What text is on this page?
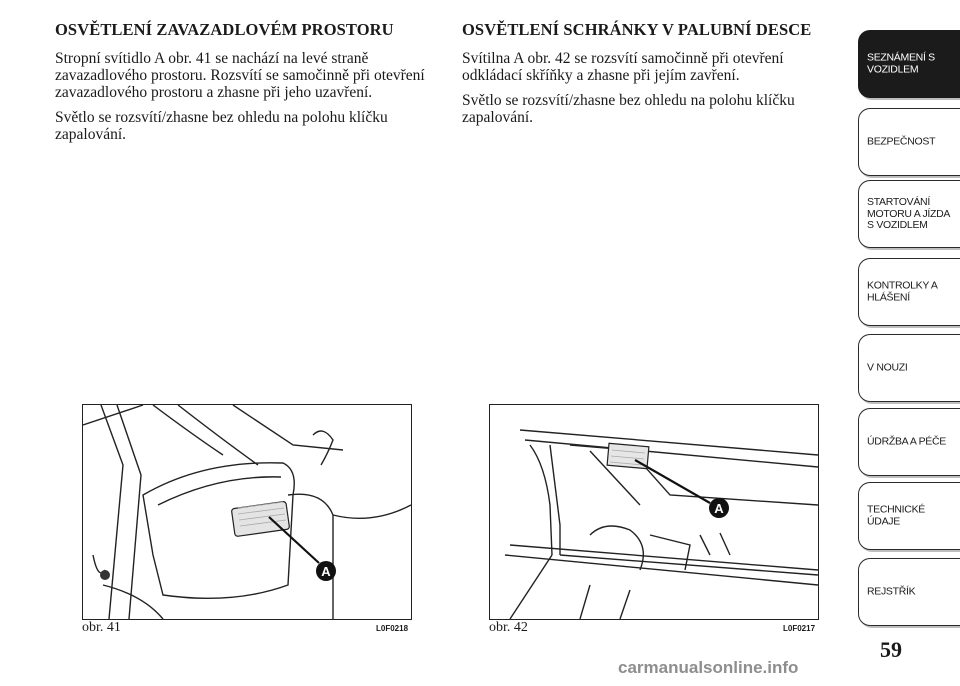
OSVĚTLENÍ ZAVAZADLOVÉM PROSTORU

Stropní svítidlo A obr. 41 se nachází na levé straně zavazadlového prostoru. Rozsvítí se samočinně při otevření zavazadlového prostoru a zhasne při jeho uzavření.

Světlo se rozsvítí/zhasne bez ohledu na polohu klíčku zapalování.

OSVĚTLENÍ SCHRÁNKY V PALUBNÍ DESCE

Svítilna A obr. 42 se rozsvítí samočinně při otevření odkládací skříňky a zhasne při jejím zavření.

Světlo se rozsvítí/zhasne bez ohledu na polohu klíčku zapalování.

A
obr. 41	L0F0218
A
obr. 42	L0F0217
SEZNÁMENÍ S
VOZIDLEM
BEZPEČNOST
STARTOVÁNÍ
MOTORU A JÍZDA
S VOZIDLEM
KONTROLKY A
HLÁŠENÍ
V NOUZI
ÚDRŽBA A PÉČE
TECHNICKÉ
ÚDAJE
REJSTŘÍK
59
carmanualsonline.info
